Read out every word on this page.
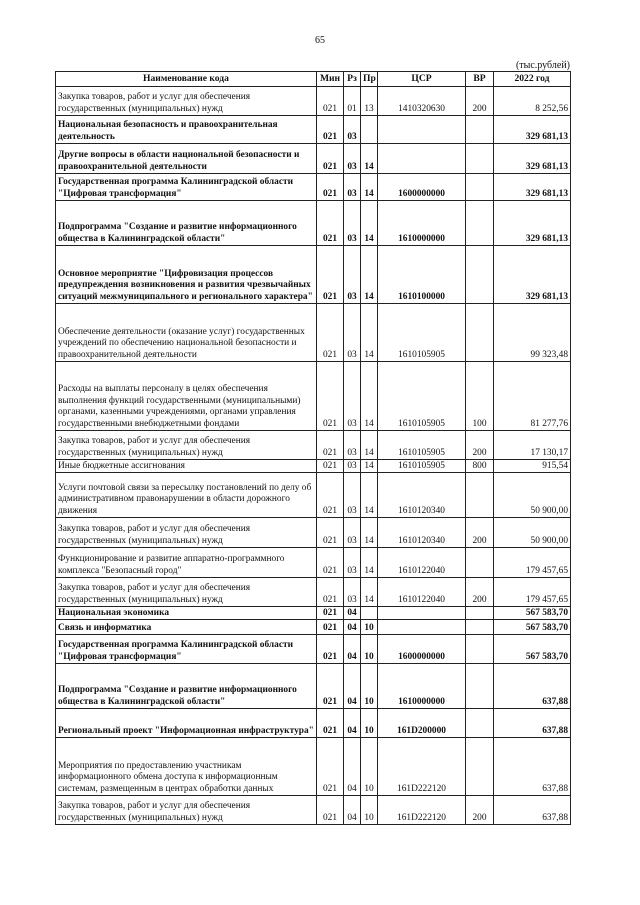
65
(тыс.рублей)
Наименование кода	Мин	Рз	Пр	ЦСР	ВР	2022 год
Закупка товаров, работ и услуг для обеспечения государственных (муниципальных) нужд	021	01	13	1410320630	200	8 252,56
Национальная безопасность и правоохранительная деятельность	021	03				329 681,13
Другие вопросы в области национальной безопасности и правоохранительной деятельности	021	03	14			329 681,13
Государственная программа Калининградской области "Цифровая трансформация"	021	03	14	1600000000		329 681,13
Подпрограмма "Создание и развитие информационного общества в Калининградской области"	021	03	14	1610000000		329 681,13
Основное мероприятие "Цифровизация процессов предупреждения возникновения и развития чрезвычайных ситуаций межмуниципального и регионального характера"	021	03	14	1610100000		329 681,13
Обеспечение деятельности (оказание услуг) государственных учреждений по обеспечению национальной безопасности и правоохранительной деятельности	021	03	14	1610105905		99 323,48
Расходы на выплаты персоналу в целях обеспечения выполнения функций государственными (муниципальными) органами, казенными учреждениями, органами управления государственными внебюджетными фондами	021	03	14	1610105905	100	81 277,76
Закупка товаров, работ и услуг для обеспечения государственных (муниципальных) нужд	021	03	14	1610105905	200	17 130,17
Иные бюджетные ассигнования	021	03	14	1610105905	800	915,54
Услуги почтовой связи за пересылку постановлений по делу об административном правонарушении в области дорожного движения	021	03	14	1610120340		50 900,00
Закупка товаров, работ и услуг для обеспечения государственных (муниципальных) нужд	021	03	14	1610120340	200	50 900,00
Функционирование и развитие аппаратно-программного комплекса "Безопасный город"	021	03	14	1610122040		179 457,65
Закупка товаров, работ и услуг для обеспечения государственных (муниципальных) нужд	021	03	14	1610122040	200	179 457,65
Национальная экономика	021	04				567 583,70
Связь и информатика	021	04	10			567 583,70
Государственная программа Калининградской области "Цифровая трансформация"	021	04	10	1600000000		567 583,70
Подпрограмма "Создание и развитие информационного общества в Калининградской области"	021	04	10	1610000000		637,88
Региональный проект "Информационная инфраструктура"	021	04	10	161D200000		637,88
Мероприятия по предоставлению участникам информационного обмена доступа к информационным системам, размещенным в центрах обработки данных	021	04	10	161D222120		637,88
Закупка товаров, работ и услуг для обеспечения государственных (муниципальных) нужд	021	04	10	161D222120	200	637,88
